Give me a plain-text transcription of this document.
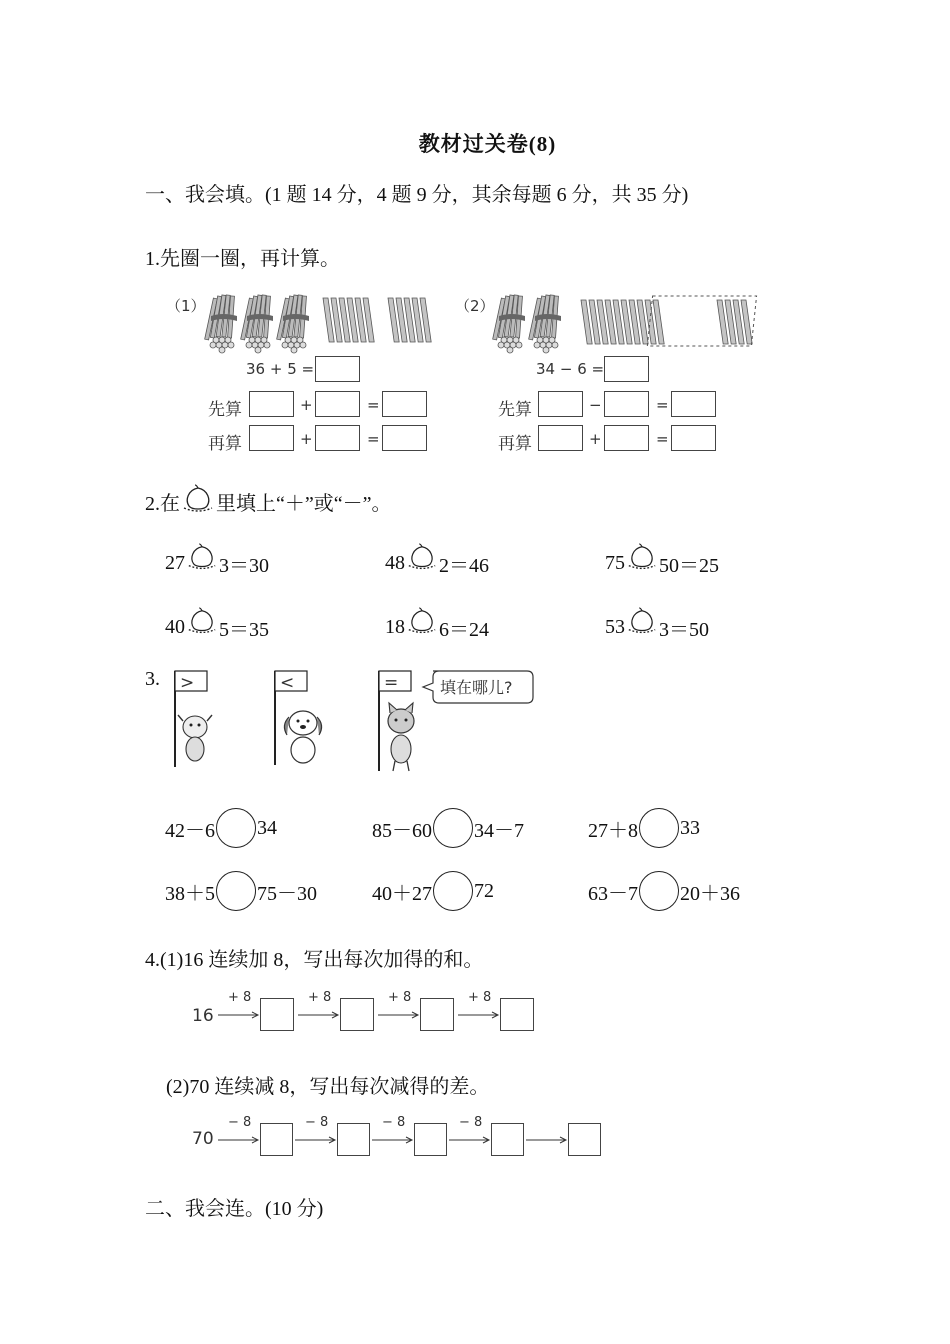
教材过关卷(8)
一、我会填。(1 题 14 分，4 题 9 分，其余每题 6 分，共 35 分)
1.先圈一圈，再计算。
（1）	（2）
36 + 5 =
先算	+	=
再算	+	=
34 − 6 =
先算	−	=
再算	+	=
2.在 里填上“＋”或“－”。
27 3＝30	48 2＝46	75 50＝25
40 5＝35	18 6＝24	53 3＝50
3. >	<	=	填在哪儿?
42－6 34	85－60 34－7	27＋8 33
38＋5 75－30	40＋27 72	63－7 20＋36
4.(1)16 连续加 8，写出每次加得的和。
16
+ 8	+ 8	+ 8	+ 8
(2)70 连续减 8，写出每次减得的差。
70
− 8	− 8	− 8	− 8
二、我会连。(10 分)
